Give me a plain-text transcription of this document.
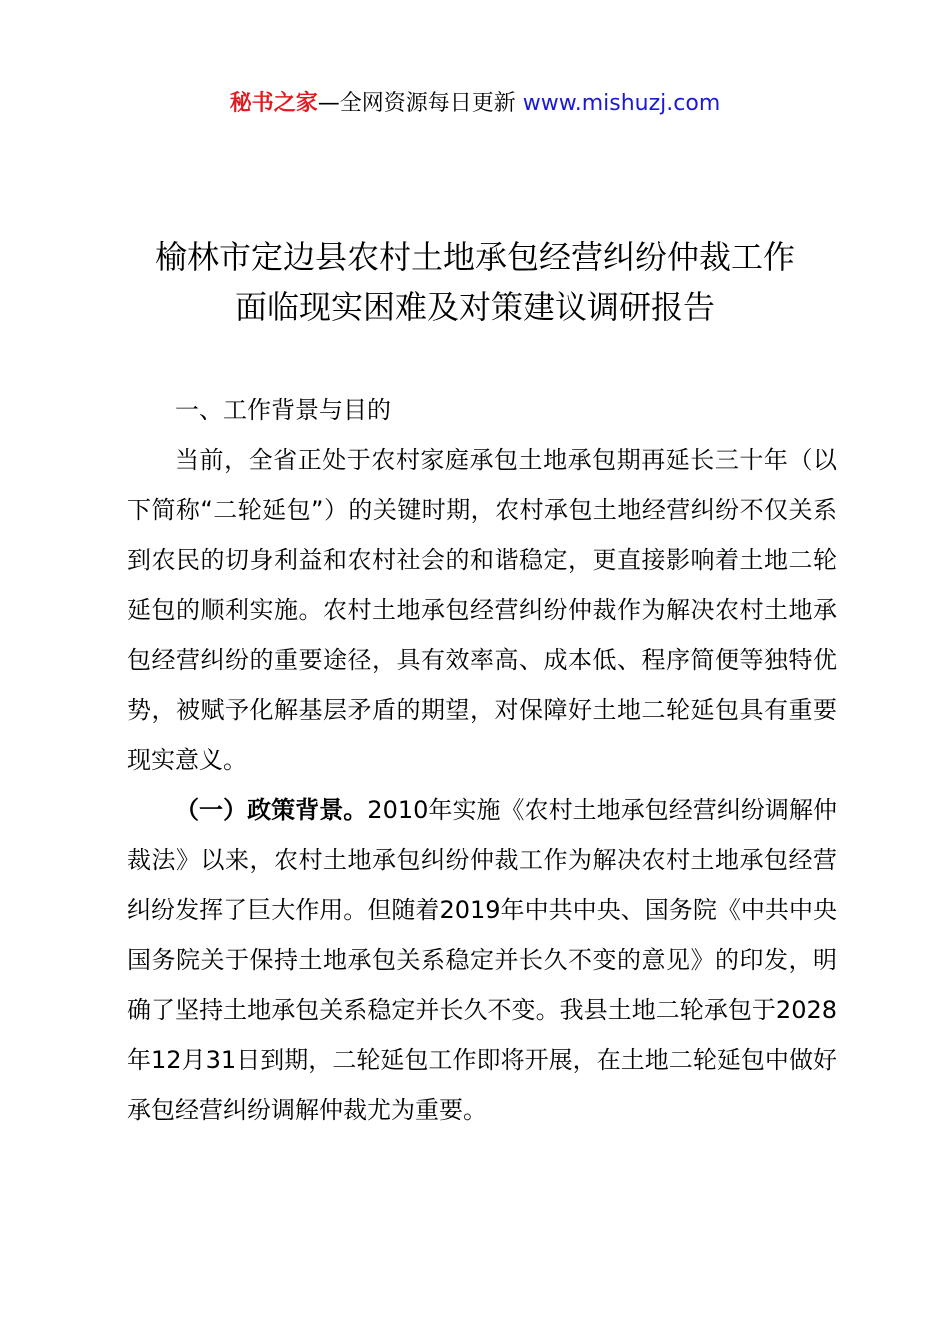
秘书之家—全网资源每日更新 www.mishuzj.com
榆林市定边县农村土地承包经营纠纷仲裁工作
面临现实困难及对策建议调研报告

一、工作背景与目的

当前，全省正处于农村家庭承包土地承包期再延长三十年（以下简称“二轮延包”）的关键时期，农村承包土地经营纠纷不仅关系到农民的切身利益和农村社会的和谐稳定，更直接影响着土地二轮延包的顺利实施。农村土地承包经营纠纷仲裁作为解决农村土地承包经营纠纷的重要途径，具有效率高、成本低、程序简便等独特优势，被赋予化解基层矛盾的期望，对保障好土地二轮延包具有重要现实意义。

（一）政策背景。2010年实施《农村土地承包经营纠纷调解仲裁法》以来，农村土地承包纠纷仲裁工作为解决农村土地承包经营纠纷发挥了巨大作用。但随着2019年中共中央、国务院《中共中央国务院关于保持土地承包关系稳定并长久不变的意见》的印发，明确了坚持土地承包关系稳定并长久不变。我县土地二轮承包于2028年12月31日到期，二轮延包工作即将开展，在土地二轮延包中做好承包经营纠纷调解仲裁尤为重要。
